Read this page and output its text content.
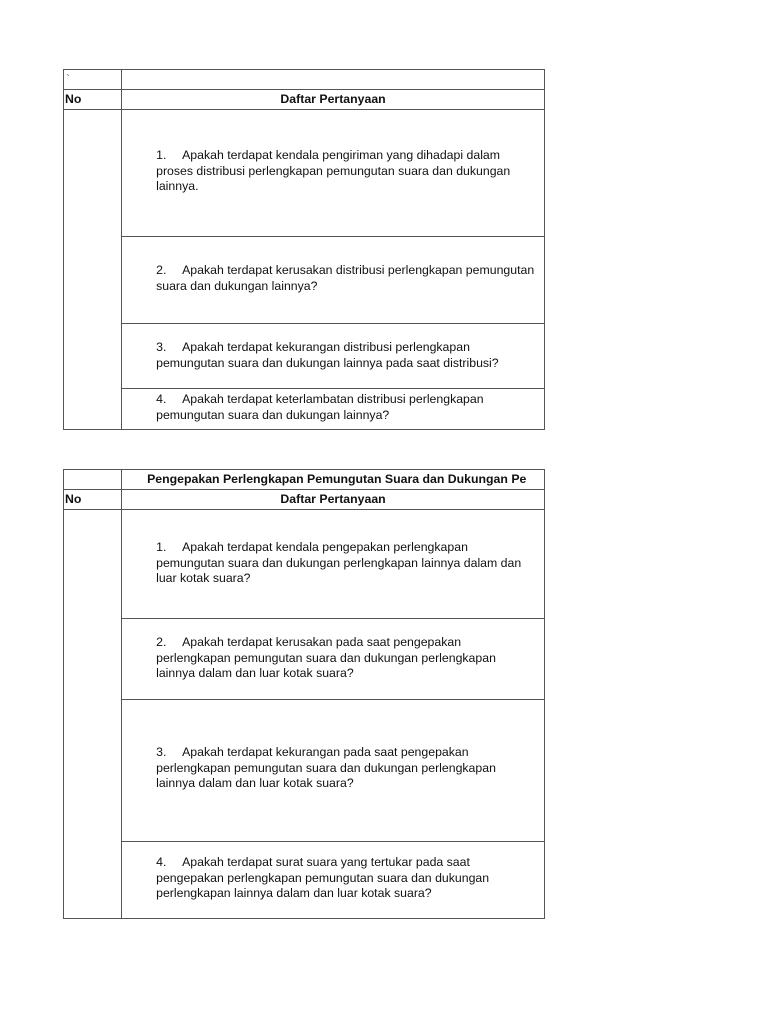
`	
No	Daftar Pertanyaan
	1. Apakah terdapat kendala pengiriman yang dihadapi dalam proses distribusi perlengkapan pemungutan suara dan dukungan lainnya.
	2. Apakah terdapat kerusakan distribusi perlengkapan pemungutan suara dan dukungan lainnya?
	3. Apakah terdapat kekurangan distribusi perlengkapan pemungutan suara dan dukungan lainnya pada saat distribusi?
	4. Apakah terdapat keterlambatan distribusi perlengkapan pemungutan suara dan dukungan lainnya?
	Pengepakan Perlengkapan Pemungutan Suara dan Dukungan Pe
No	Daftar Pertanyaan
	1. Apakah terdapat kendala pengepakan perlengkapan pemungutan suara dan dukungan perlengkapan lainnya dalam dan luar kotak suara?
	2. Apakah terdapat kerusakan pada saat pengepakan perlengkapan pemungutan suara dan dukungan perlengkapan lainnya dalam dan luar kotak suara?
	3. Apakah terdapat kekurangan pada saat pengepakan perlengkapan pemungutan suara dan dukungan perlengkapan lainnya dalam dan luar kotak suara?
	4. Apakah terdapat surat suara yang tertukar pada saat pengepakan perlengkapan pemungutan suara dan dukungan perlengkapan lainnya dalam dan luar kotak suara?
